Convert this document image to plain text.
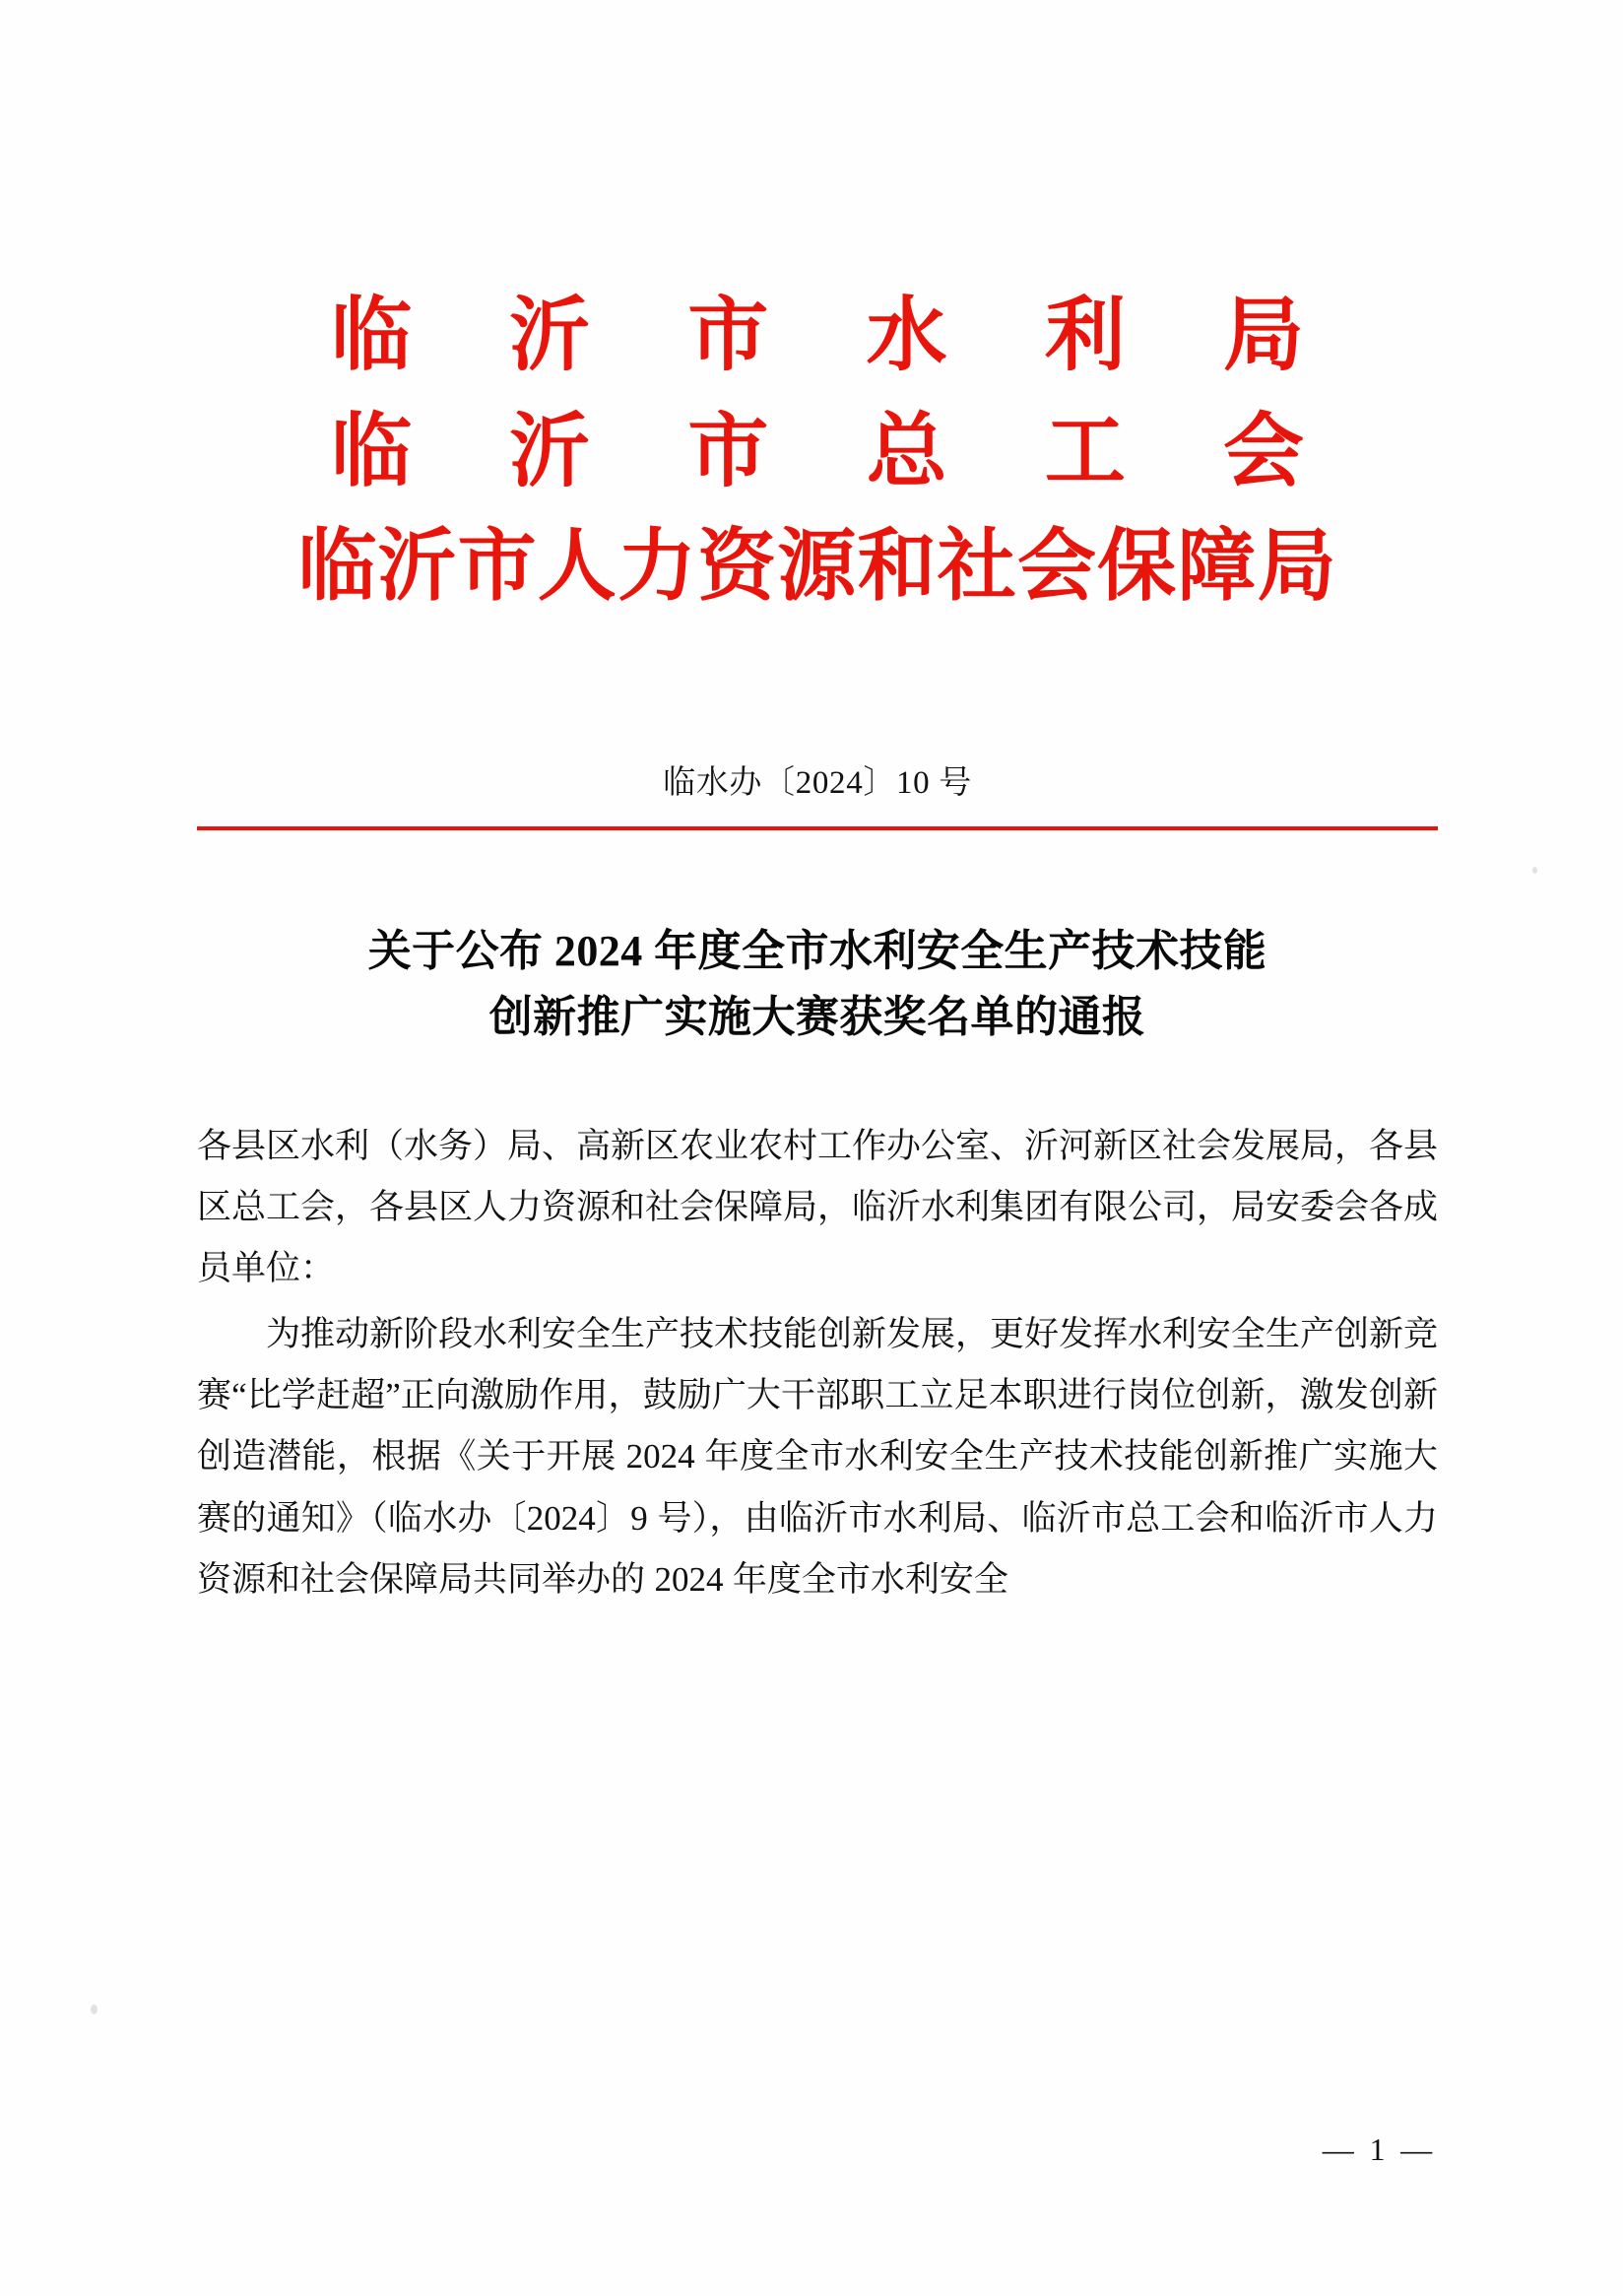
临 沂 市 水 利 局
临 沂 市 总 工 会
临沂市人力资源和社会保障局
临水办〔2024〕10 号
关于公布 2024 年度全市水利安全生产技术技能
创新推广实施大赛获奖名单的通报

各县区水利（水务）局、高新区农业农村工作办公室、沂河新区社会发展局，各县区总工会，各县区人力资源和社会保障局，临沂水利集团有限公司，局安委会各成员单位：

为推动新阶段水利安全生产技术技能创新发展，更好发挥水利安全生产创新竞赛“比学赶超”正向激励作用，鼓励广大干部职工立足本职进行岗位创新，激发创新创造潜能，根据《关于开展 2024 年度全市水利安全生产技术技能创新推广实施大赛的通知》（临水办〔2024〕9 号），由临沂市水利局、临沂市总工会和临沂市人力资源和社会保障局共同举办的 2024 年度全市水利安全

— 1 —
